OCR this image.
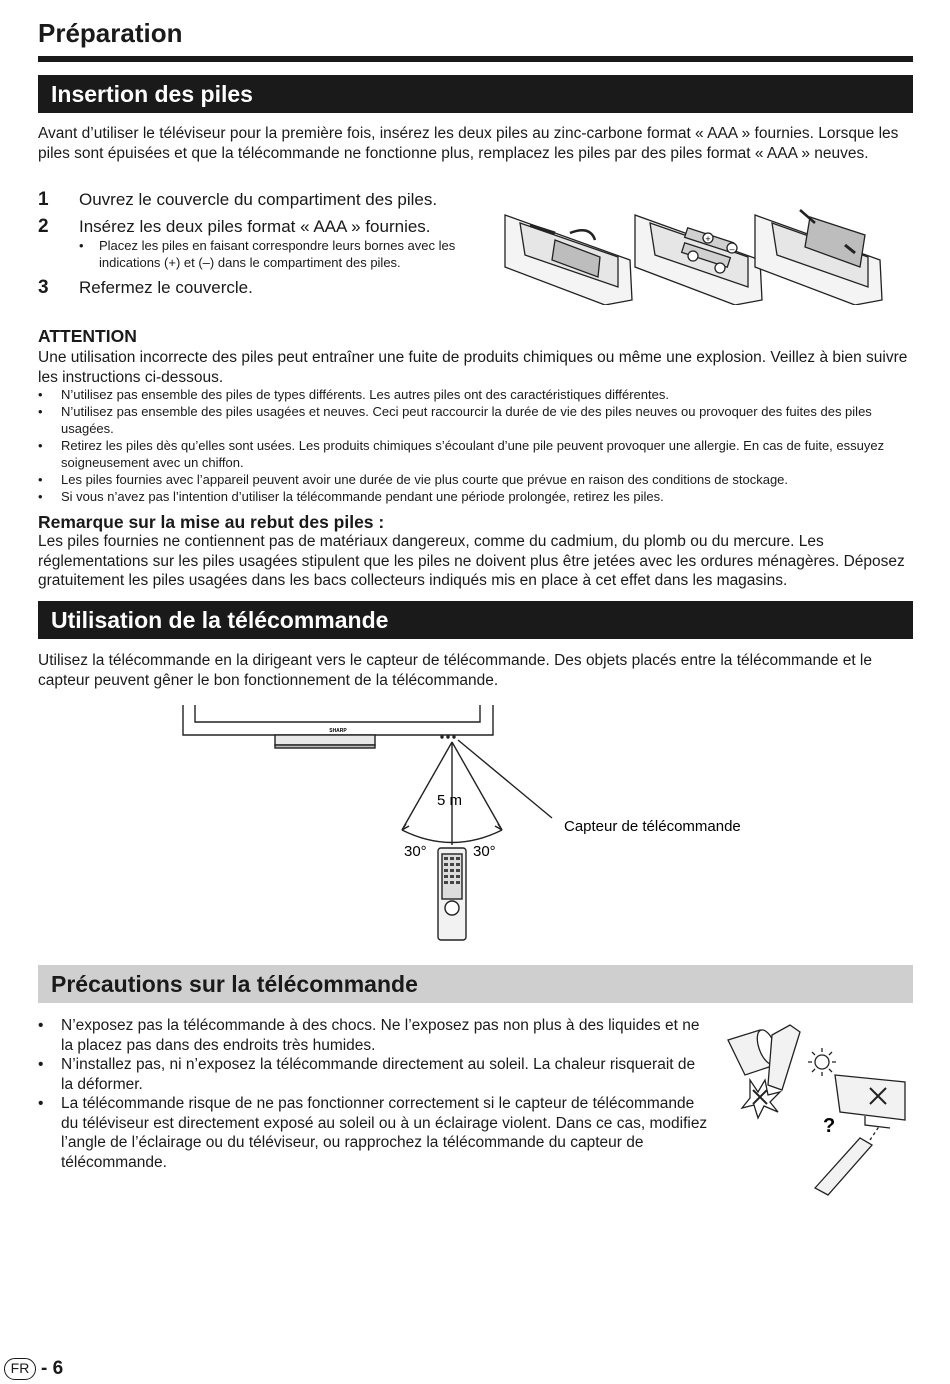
Préparation
Insertion des piles

Avant d’utiliser le téléviseur pour la première fois, insérez les deux piles au zinc-carbone format « AAA » fournies. Lorsque les piles sont épuisées et que la télécommande ne fonctionne plus, remplacez les piles par des piles format « AAA » neuves.

1 Ouvrez le couvercle du compartiment des piles.
2 Insérez les deux piles format « AAA » fournies.
• Placez les piles en faisant correspondre leurs bornes avec les indications (+) et (–) dans le compartiment des piles.
3 Refermez le couvercle.
+
–
ATTENTION

Une utilisation incorrecte des piles peut entraîner une fuite de produits chimiques ou même une explosion. Veillez à bien suivre les instructions ci-dessous.

• N’utilisez pas ensemble des piles de types différents. Les autres piles ont des caractéristiques différentes.
• N’utilisez pas ensemble des piles usagées et neuves. Ceci peut raccourcir la durée de vie des piles neuves ou provoquer des fuites des piles usagées.
• Retirez les piles dès qu’elles sont usées. Les produits chimiques s’écoulant d’une pile peuvent provoquer une allergie. En cas de fuite, essuyez soigneusement avec un chiffon.
• Les piles fournies avec l’appareil peuvent avoir une durée de vie plus courte que prévue en raison des conditions de stockage.
• Si vous n’avez pas l’intention d’utiliser la télécommande pendant une période prolongée, retirez les piles.
Remarque sur la mise au rebut des piles :

Les piles fournies ne contiennent pas de matériaux dangereux, comme du cadmium, du plomb ou du mercure. Les réglementations sur les piles usagées stipulent que les piles ne doivent plus être jetées avec les ordures ménagères. Déposez gratuitement les piles usagées dans les bacs collecteurs indiqués mis en place à cet effet dans les magasins.

Utilisation de la télécommande

Utilisez la télécommande en la dirigeant vers le capteur de télécommande. Des objets placés entre la télécommande et le capteur peuvent gêner le bon fonctionnement de la télécommande.

SHARP
5 m
30°	30°
Capteur de télécommande
Précautions sur la télécommande
• N’exposez pas la télécommande à des chocs. Ne l’exposez pas non plus à des liquides et ne la placez pas dans des endroits très humides.
• N’installez pas, ni n’exposez la télécommande directement au soleil. La chaleur risquerait de la déformer.
• La télécommande risque de ne pas fonctionner correctement si le capteur de télécommande du téléviseur est directement exposé au soleil ou à un éclairage violent. Dans ce cas, modifiez l’angle de l’éclairage ou du téléviseur, ou rapprochez la télécommande du capteur de télécommande.
?
FR - 6
